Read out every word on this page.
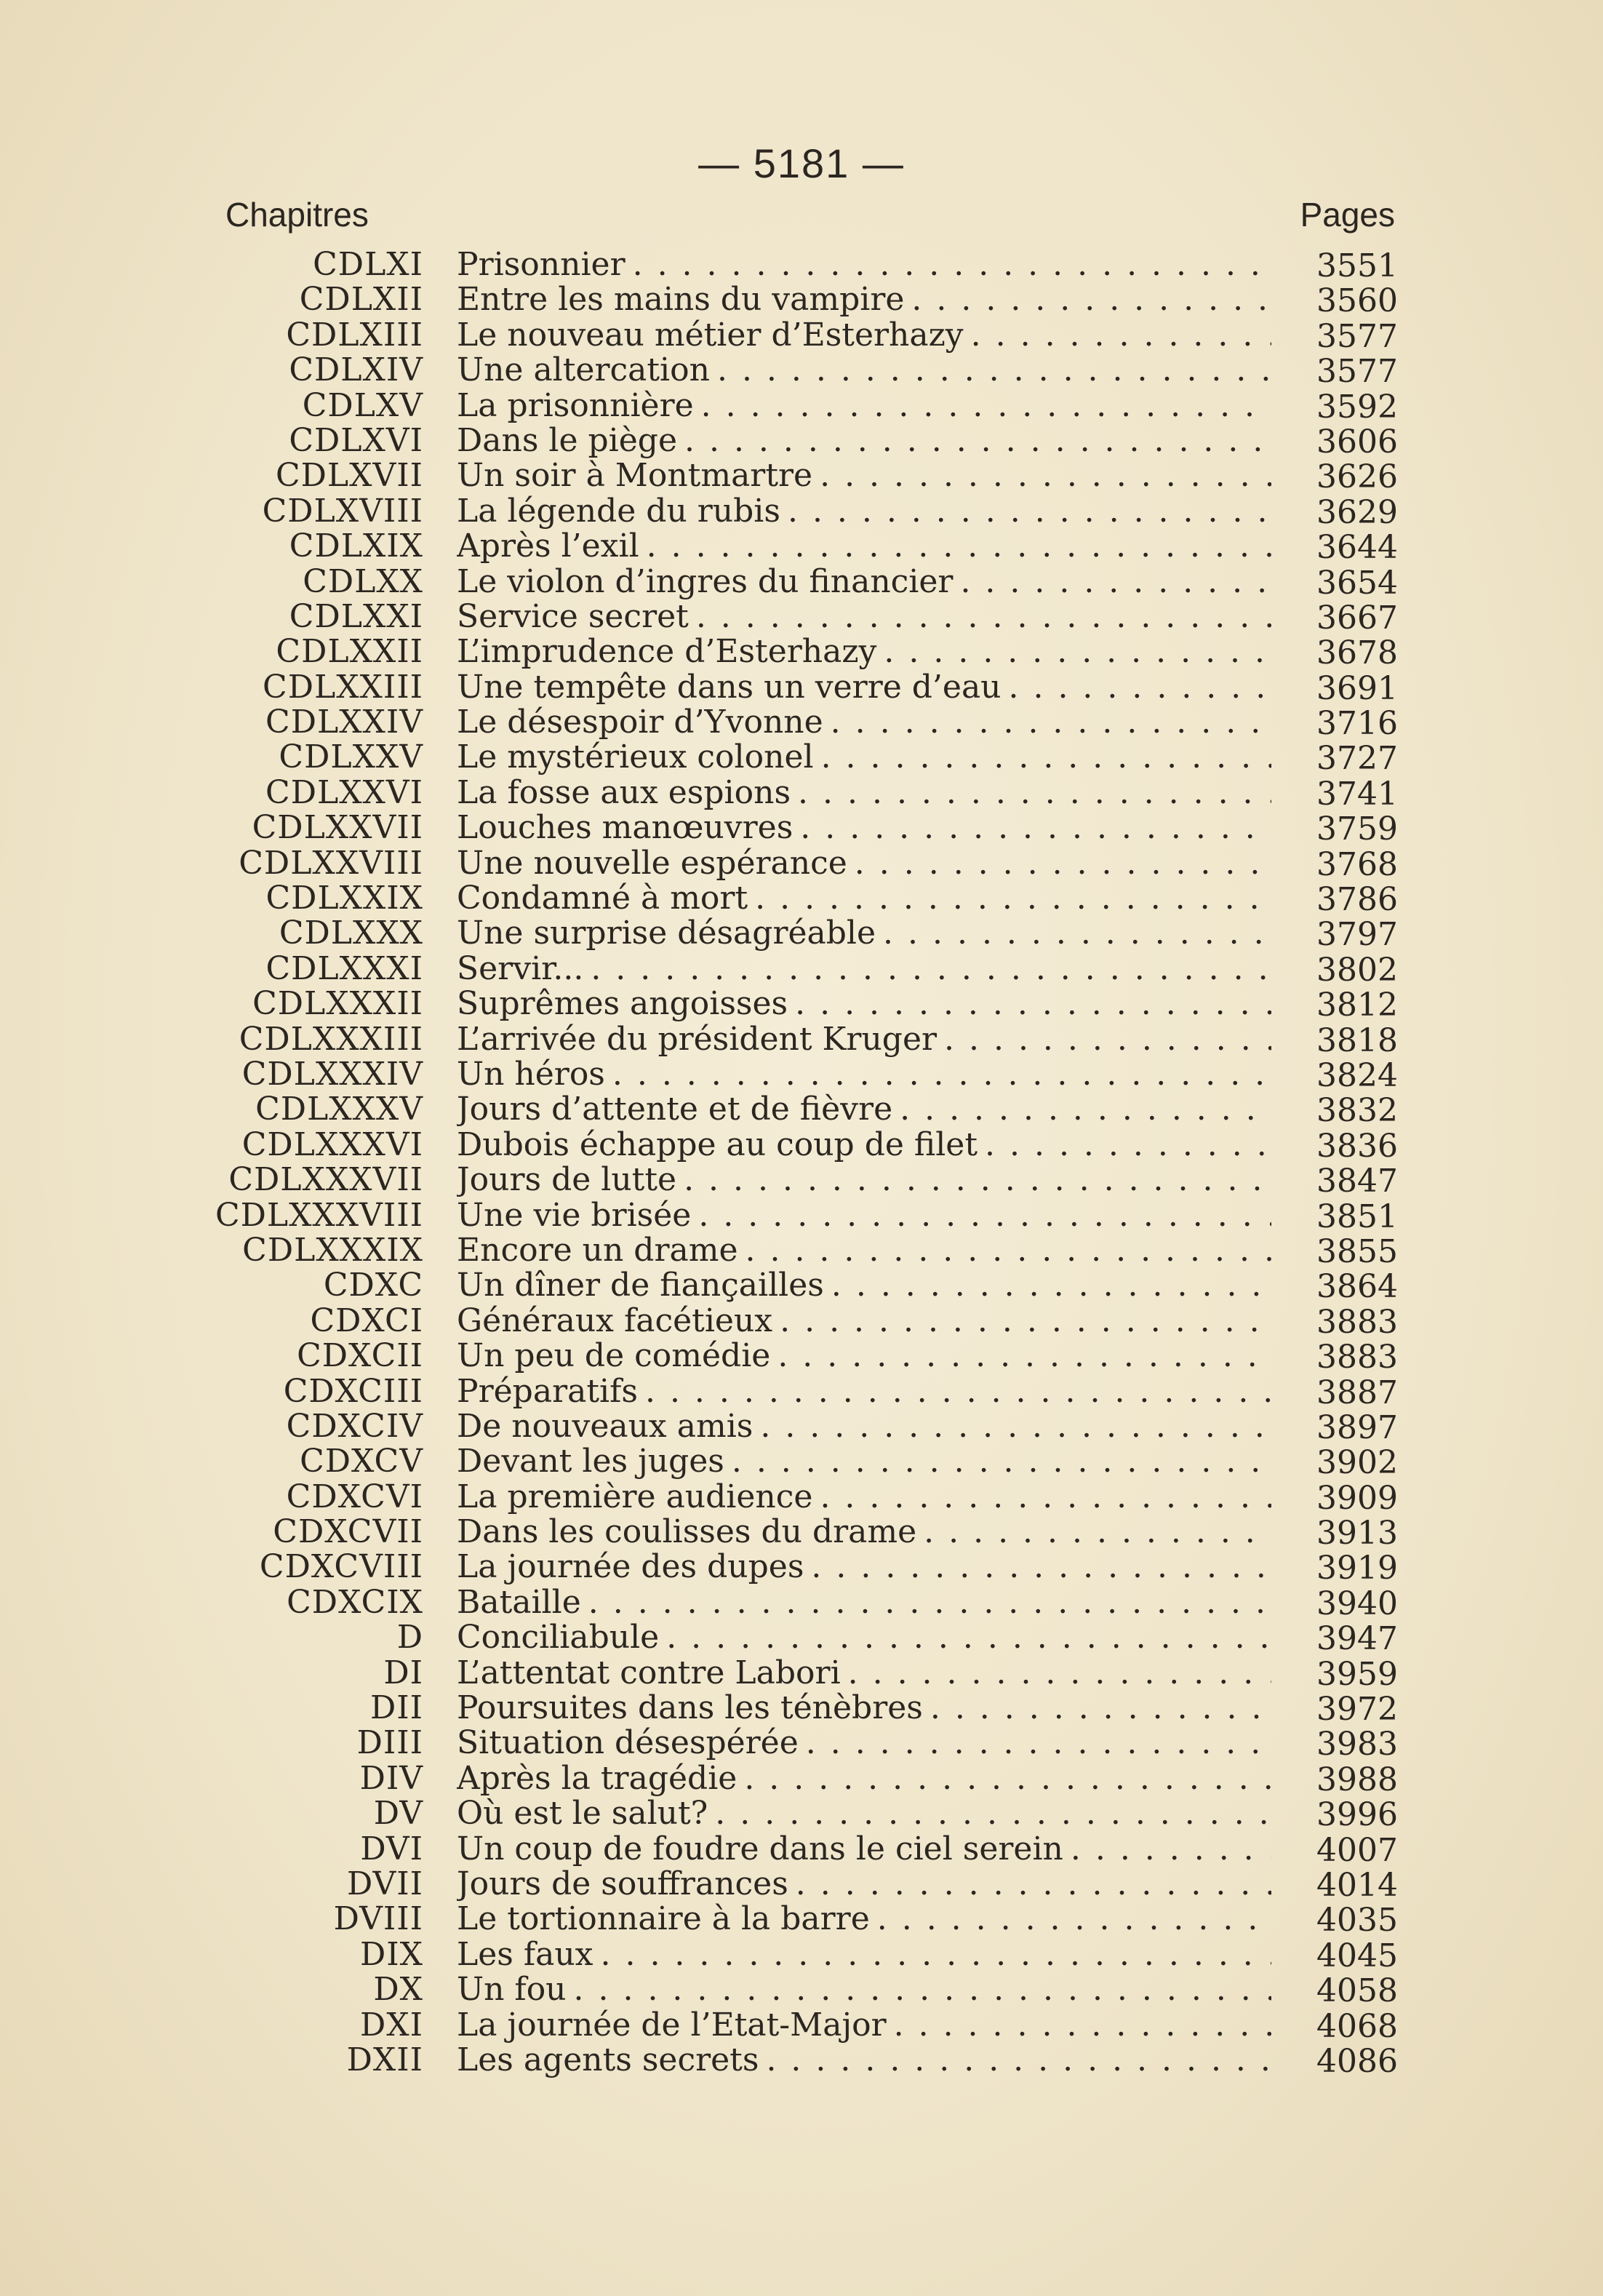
— 5181 —
Chapitres	Pages
CDLXI Prisonnier . . .	3551
CDLXII Entre les mains du vampire . . .	3560
CDLXIII Le nouveau métier d’Esterhazy . . .	3577
CDLXIV Une altercation . . .	3577
CDLXV La prisonnière . . .	3592
CDLXVI Dans le piège . . .	3606
CDLXVII Un soir à Montmartre . . .	3626
CDLXVIII La légende du rubis . . .	3629
CDLXIX Après l’exil . . .	3644
CDLXX Le violon d’ingres du financier . . .	3654
CDLXXI Service secret . . .	3667
CDLXXII L’imprudence d’Esterhazy . . .	3678
CDLXXIII Une tempête dans un verre d’eau . . .	3691
CDLXXIV Le désespoir d’Yvonne . . .	3716
CDLXXV Le mystérieux colonel . . .	3727
CDLXXVI La fosse aux espions . . .	3741
CDLXXVII Louches manœuvres . . .	3759
CDLXXVIII Une nouvelle espérance . . .	3768
CDLXXIX Condamné à mort . . .	3786
CDLXXX Une surprise désagréable . . .	3797
CDLXXXI Servir... . . .	3802
CDLXXXII Suprêmes angoisses . . .	3812
CDLXXXIII L’arrivée du président Kruger . . .	3818
CDLXXXIV Un héros . . .	3824
CDLXXXV Jours d’attente et de fièvre . . .	3832
CDLXXXVI Dubois échappe au coup de filet . . .	3836
CDLXXXVII Jours de lutte . . .	3847
CDLXXXVIII Une vie brisée . . .	3851
CDLXXXIX Encore un drame . . .	3855
CDXC Un dîner de fiançailles . . .	3864
CDXCI Généraux facétieux . . .	3883
CDXCII Un peu de comédie . . .	3883
CDXCIII Préparatifs . . .	3887
CDXCIV De nouveaux amis . . .	3897
CDXCV Devant les juges . . .	3902
CDXCVI La première audience . . .	3909
CDXCVII Dans les coulisses du drame . . .	3913
CDXCVIII La journée des dupes . . .	3919
CDXCIX Bataille . . .	3940
D Conciliabule . . .	3947
DI L’attentat contre Labori . . .	3959
DII Poursuites dans les ténèbres . . .	3972
DIII Situation désespérée . . .	3983
DIV Après la tragédie . . .	3988
DV Où est le salut? . . .	3996
DVI Un coup de foudre dans le ciel serein . . .	4007
DVII Jours de souffrances . . .	4014
DVIII Le tortionnaire à la barre . . .	4035
DIX Les faux . . .	4045
DX Un fou . . .	4058
DXI La journée de l’Etat-Major . . .	4068
DXII Les agents secrets . . .	4086
